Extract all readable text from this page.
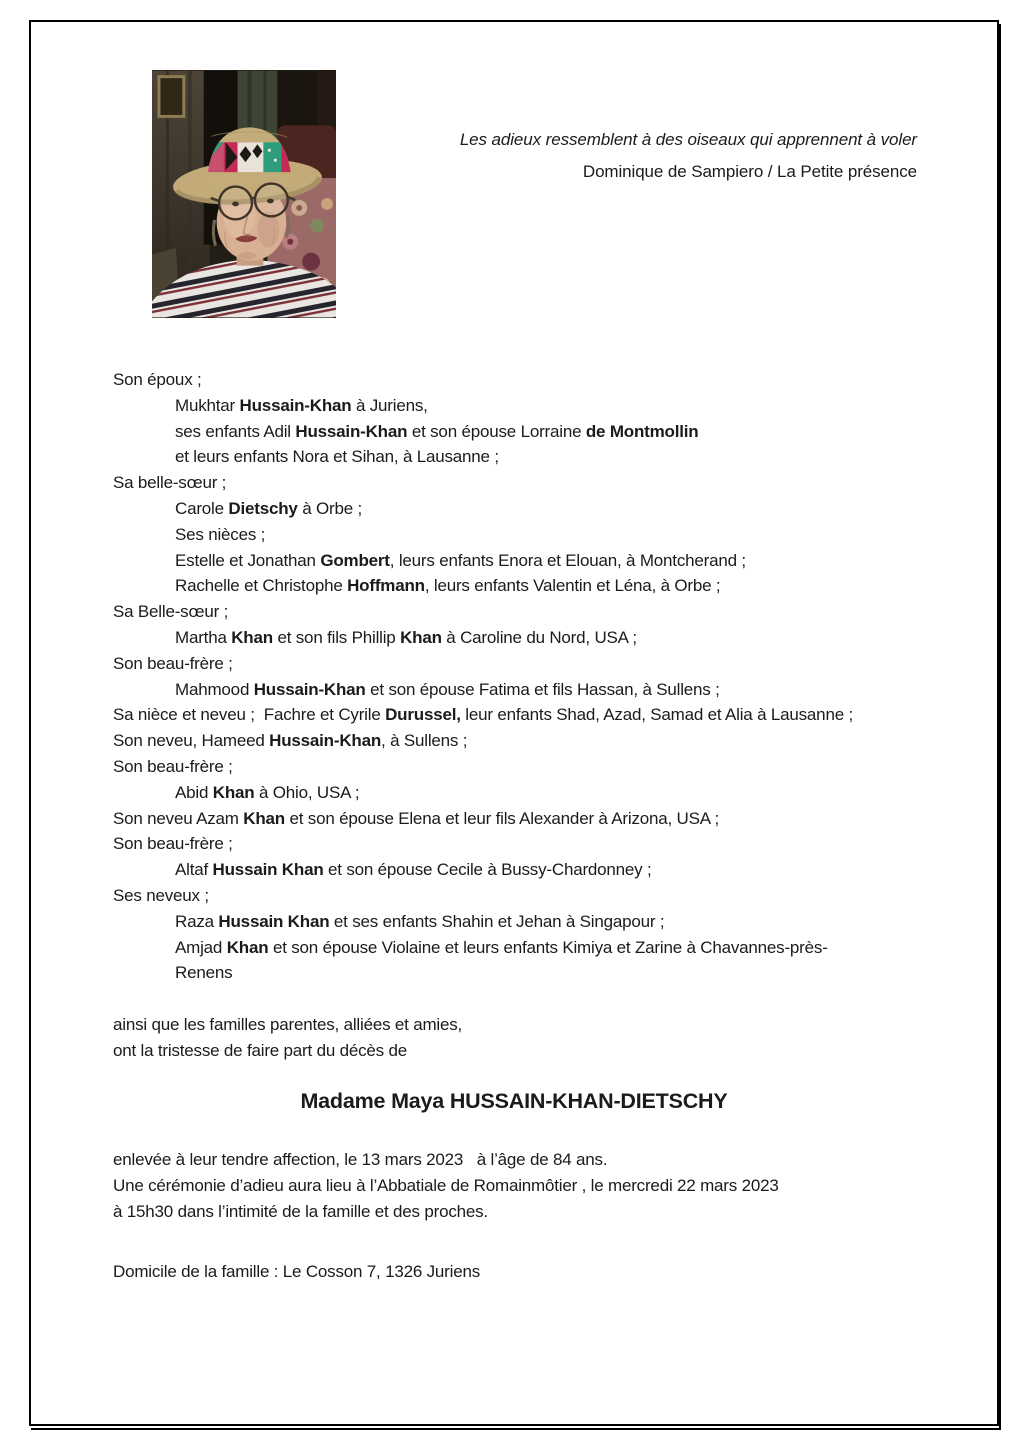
Les adieux ressemblent à des oiseaux qui apprennent à voler
Dominique de Sampiero / La Petite présence
Son époux ;
Mukhtar Hussain-Khan à Juriens,
ses enfants Adil Hussain-Khan et son épouse Lorraine de Montmollin
et leurs enfants Nora et Sihan, à Lausanne ;
Sa belle-sœur ;
Carole Dietschy à Orbe ;
Ses nièces ;
Estelle et Jonathan Gombert, leurs enfants Enora et Elouan, à Montcherand ;
Rachelle et Christophe Hoffmann, leurs enfants Valentin et Léna, à Orbe ;
Sa Belle-sœur ;
Martha Khan et son fils Phillip Khan à Caroline du Nord, USA ;
Son beau-frère ;
Mahmood Hussain-Khan et son épouse Fatima et fils Hassan, à Sullens ;
Sa nièce et neveu ;  Fachre et Cyrile Durussel, leur enfants Shad, Azad, Samad et Alia à Lausanne ;
Son neveu, Hameed Hussain-Khan, à Sullens ;
Son beau-frère ;
Abid Khan à Ohio, USA ;
Son neveu Azam Khan et son épouse Elena et leur fils Alexander à Arizona, USA ;
Son beau-frère ;
Altaf Hussain Khan et son épouse Cecile à Bussy-Chardonney ;
Ses neveux ;
Raza Hussain Khan et ses enfants Shahin et Jehan à Singapour ;
Amjad Khan et son épouse Violaine et leurs enfants Kimiya et Zarine à Chavannes-près-
Renens
ainsi que les familles parentes, alliées et amies,
ont la tristesse de faire part du décès de
Madame Maya HUSSAIN-KHAN-DIETSCHY
enlevée à leur tendre affection, le 13 mars 2023   à l’âge de 84 ans.
Une cérémonie d’adieu aura lieu à l’Abbatiale de Romainmôtier , le mercredi 22 mars 2023
à 15h30 dans l’intimité de la famille et des proches.
Domicile de la famille : Le Cosson 7, 1326 Juriens
